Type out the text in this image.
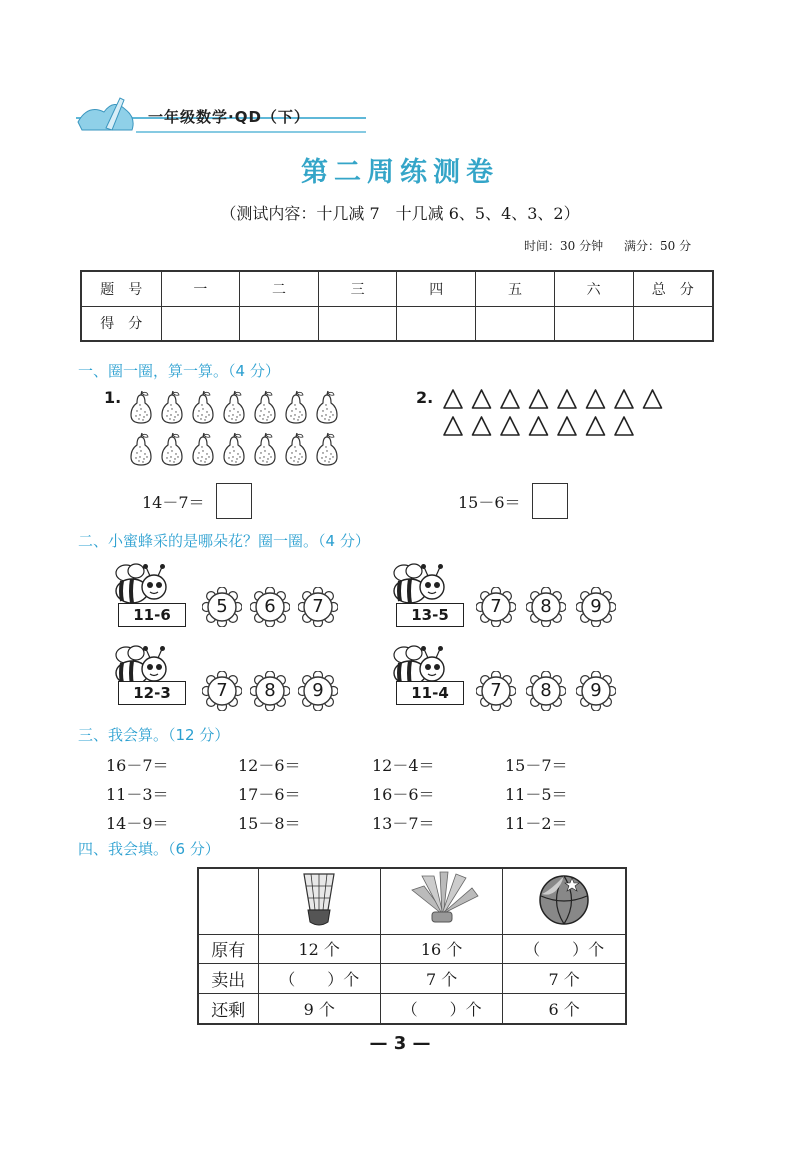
一年级数学·QD（下）
第二周练测卷
（测试内容：十几减 7　十几减 6、5、4、3、2）
时间：30 分钟 满分：50 分
题　号	一	二	三	四	五	六	总　分
得　分							
一、圈一圈，算一算。（4 分）
1.
14－7＝
2.
15－6＝
二、小蜜蜂采的是哪朵花？圈一圈。（4 分）
11-6	5	6	7	13-5	7	8	9
12-3	7	8	9	11-4	7	8	9
三、我会算。（12 分）
16－7＝	12－6＝	12－4＝	15－7＝
11－3＝	17－6＝	16－6＝	11－5＝
14－9＝	15－8＝	13－7＝	11－2＝
四、我会填。（6 分）

原有	12 个	16 个	（　　）个
卖出	（　　）个	7 个	7 个
还剩	9 个	（　　）个	6 个
— 3 —
